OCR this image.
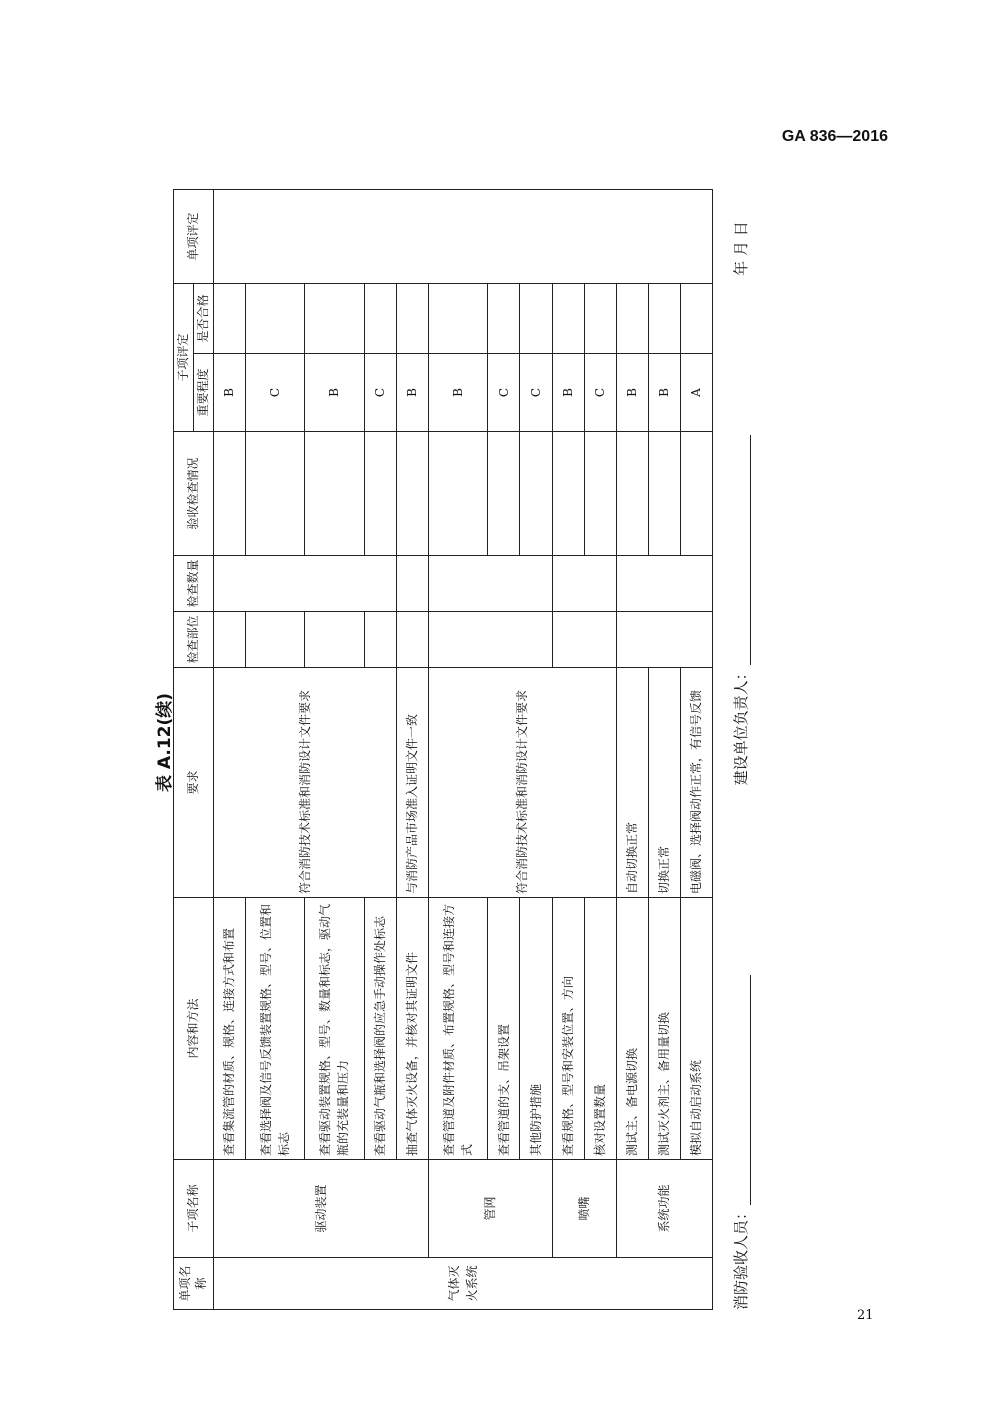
GA 836—2016
表 A.12(续)
单项名称	子项名称	内容和方法	要求	检查部位	检查数量	验收检查情况	子项评定		单项评定
							重要程度	是否合格	
气体灭火系统	驱动装置	查看集流管的材质、规格、连接方式和布置	符合消防技术标准和消防设计文件要求				B		
		查看选择阀及信号反馈装置规格、型号、位置和标志					C		
		查看驱动装置规格、型号、数量和标志，驱动气瓶的充装量和压力					B		
		查看驱动气瓶和选择阀的应急手动操作处标志					C		
		抽查气体灭火设备，并核对其证明文件	与消防产品市场准入证明文件一致				B		
	管网	查看管道及附件材质、布置规格、型号和连接方式	符合消防技术标准和消防设计文件要求				B		
		查看管道的支、吊架设置					C		
		其他防护措施					C		
	喷嘴	查看规格、型号和安装位置、方向					B		
		核对设置数量					C		
	系统功能	测试主、备电源切换	自动切换正常				B		
		测试灭火剂主、备用量切换	切换正常				B		
		模拟自动启动系统	电磁阀、选择阀动作正常，有信号反馈				A		
消防验收人员：  建设单位负责人：  年 月 日
21
